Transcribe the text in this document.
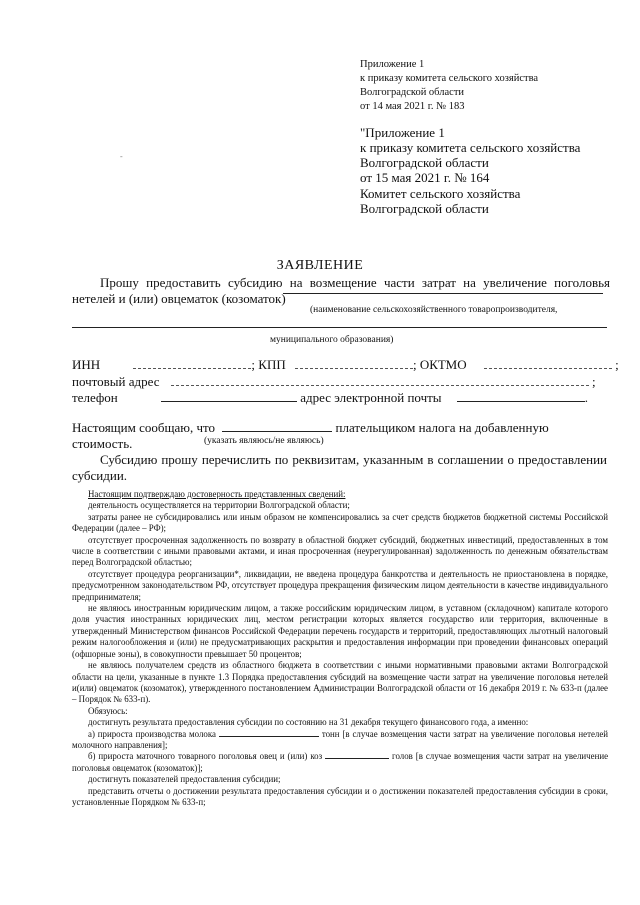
-
Приложение 1
к приказу комитета сельского хозяйства
Волгоградской области
от 14 мая 2021 г. № 183
"Приложение 1
к приказу комитета сельского хозяйства
Волгоградской области
от 15 мая 2021 г. № 164
Комитет сельского хозяйства
Волгоградской области
ЗАЯВЛЕНИЕ
Прошу предоставить субсидию на возмещение части затрат на увеличение поголовья нетелей и (или) овцематок (козоматок)
(наименование сельскохозяйственного товаропроизводителя,
муниципального образования)
ИНН	; КПП	; ОКТМО	;
почтовый адрес	;
телефон	адрес электронной почты	.
Настоящим сообщаю, что	плательщиком налога на добавленную стоимость.	(указать являюсь/не являюсь)
Субсидию прошу перечислить по реквизитам, указанным в соглашении о предоставлении субсидии.

Настоящим подтверждаю достоверность представленных сведений:

деятельность осуществляется на территории Волгоградской области;

затраты ранее не субсидировались или иным образом не компенсировались за счет средств бюджетов бюджетной системы Российской Федерации (далее – РФ);

отсутствует просроченная задолженность по возврату в областной бюджет субсидий, бюджетных инвестиций, предоставленных в том числе в соответствии с иными правовыми актами, и иная просроченная (неурегулированная) задолженность по денежным обязательствам перед Волгоградской областью;

отсутствует процедура реорганизации*, ликвидации, не введена процедура банкротства и деятельность не приостановлена в порядке, предусмотренном законодательством РФ, отсутствует процедура прекращения физическим лицом деятельности в качестве индивидуального предпринимателя;

не являюсь иностранным юридическим лицом, а также российским юридическим лицом, в уставном (складочном) капитале которого доля участия иностранных юридических лиц, местом регистрации которых является государство или территория, включенные в утвержденный Министерством финансов Российской Федерации перечень государств и территорий, предоставляющих льготный налоговый режим налогообложения и (или) не предусматривающих раскрытия и предоставления информации при проведении финансовых операций (офшорные зоны), в совокупности превышает 50 процентов;

не являюсь получателем средств из областного бюджета в соответствии с иными нормативными правовыми актами Волгоградской области на цели, указанные в пункте 1.3 Порядка предоставления субсидий на возмещение части затрат на увеличение поголовья нетелей и(или) овцематок (козоматок), утвержденного постановлением Администрации Волгоградской области от 16 декабря 2019 г. № 633-п (далее – Порядок № 633-п).

Обязуюсь:

достигнуть результата предоставления субсидии по состоянию на 31 декабря текущего финансового года, а именно:

а) прироста производства молока	тонн [в случае возмещения части затрат на увеличение поголовья нетелей молочного направления];

б) прироста маточного товарного поголовья овец и (или) коз	голов [в случае возмещения части затрат на увеличение поголовья овцематок (козоматок)];

достигнуть показателей предоставления субсидии;

представить отчеты о достижении результата предоставления субсидии и о достижении показателей предоставления субсидии в сроки, установленные Порядком № 633-п;
